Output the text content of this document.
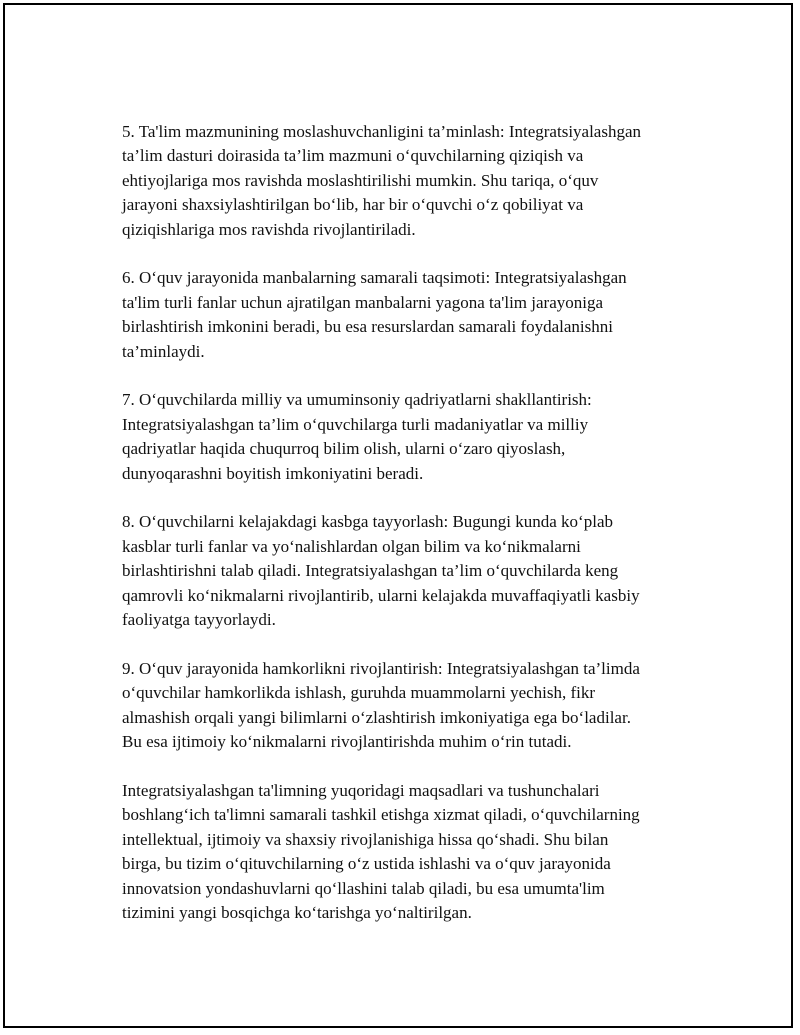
5. Ta'lim mazmunining moslashuvchanligini ta’minlash: Integratsiyalashgan
ta’lim dasturi doirasida ta’lim mazmuni o‘quvchilarning qiziqish va
ehtiyojlariga mos ravishda moslashtirilishi mumkin. Shu tariqa, o‘quv
jarayoni shaxsiylashtirilgan bo‘lib, har bir o‘quvchi o‘z qobiliyat va
qiziqishlariga mos ravishda rivojlantiriladi.

6. O‘quv jarayonida manbalarning samarali taqsimoti: Integratsiyalashgan
ta'lim turli fanlar uchun ajratilgan manbalarni yagona ta'lim jarayoniga
birlashtirish imkonini beradi, bu esa resurslardan samarali foydalanishni
ta’minlaydi.

7. O‘quvchilarda milliy va umuminsoniy qadriyatlarni shakllantirish:
Integratsiyalashgan ta’lim o‘quvchilarga turli madaniyatlar va milliy
qadriyatlar haqida chuqurroq bilim olish, ularni o‘zaro qiyoslash,
dunyoqarashni boyitish imkoniyatini beradi.

8. O‘quvchilarni kelajakdagi kasbga tayyorlash: Bugungi kunda ko‘plab
kasblar turli fanlar va yo‘nalishlardan olgan bilim va ko‘nikmalarni
birlashtirishni talab qiladi. Integratsiyalashgan ta’lim o‘quvchilarda keng
qamrovli ko‘nikmalarni rivojlantirib, ularni kelajakda muvaffaqiyatli kasbiy
faoliyatga tayyorlaydi.

9. O‘quv jarayonida hamkorlikni rivojlantirish: Integratsiyalashgan ta’limda
o‘quvchilar hamkorlikda ishlash, guruhda muammolarni yechish, fikr
almashish orqali yangi bilimlarni o‘zlashtirish imkoniyatiga ega bo‘ladilar.
Bu esa ijtimoiy ko‘nikmalarni rivojlantirishda muhim o‘rin tutadi.

Integratsiyalashgan ta'limning yuqoridagi maqsadlari va tushunchalari
boshlang‘ich ta'limni samarali tashkil etishga xizmat qiladi, o‘quvchilarning
intellektual, ijtimoiy va shaxsiy rivojlanishiga hissa qo‘shadi. Shu bilan
birga, bu tizim o‘qituvchilarning o‘z ustida ishlashi va o‘quv jarayonida
innovatsion yondashuvlarni qo‘llashini talab qiladi, bu esa umumta'lim
tizimini yangi bosqichga ko‘tarishga yo‘naltirilgan.
